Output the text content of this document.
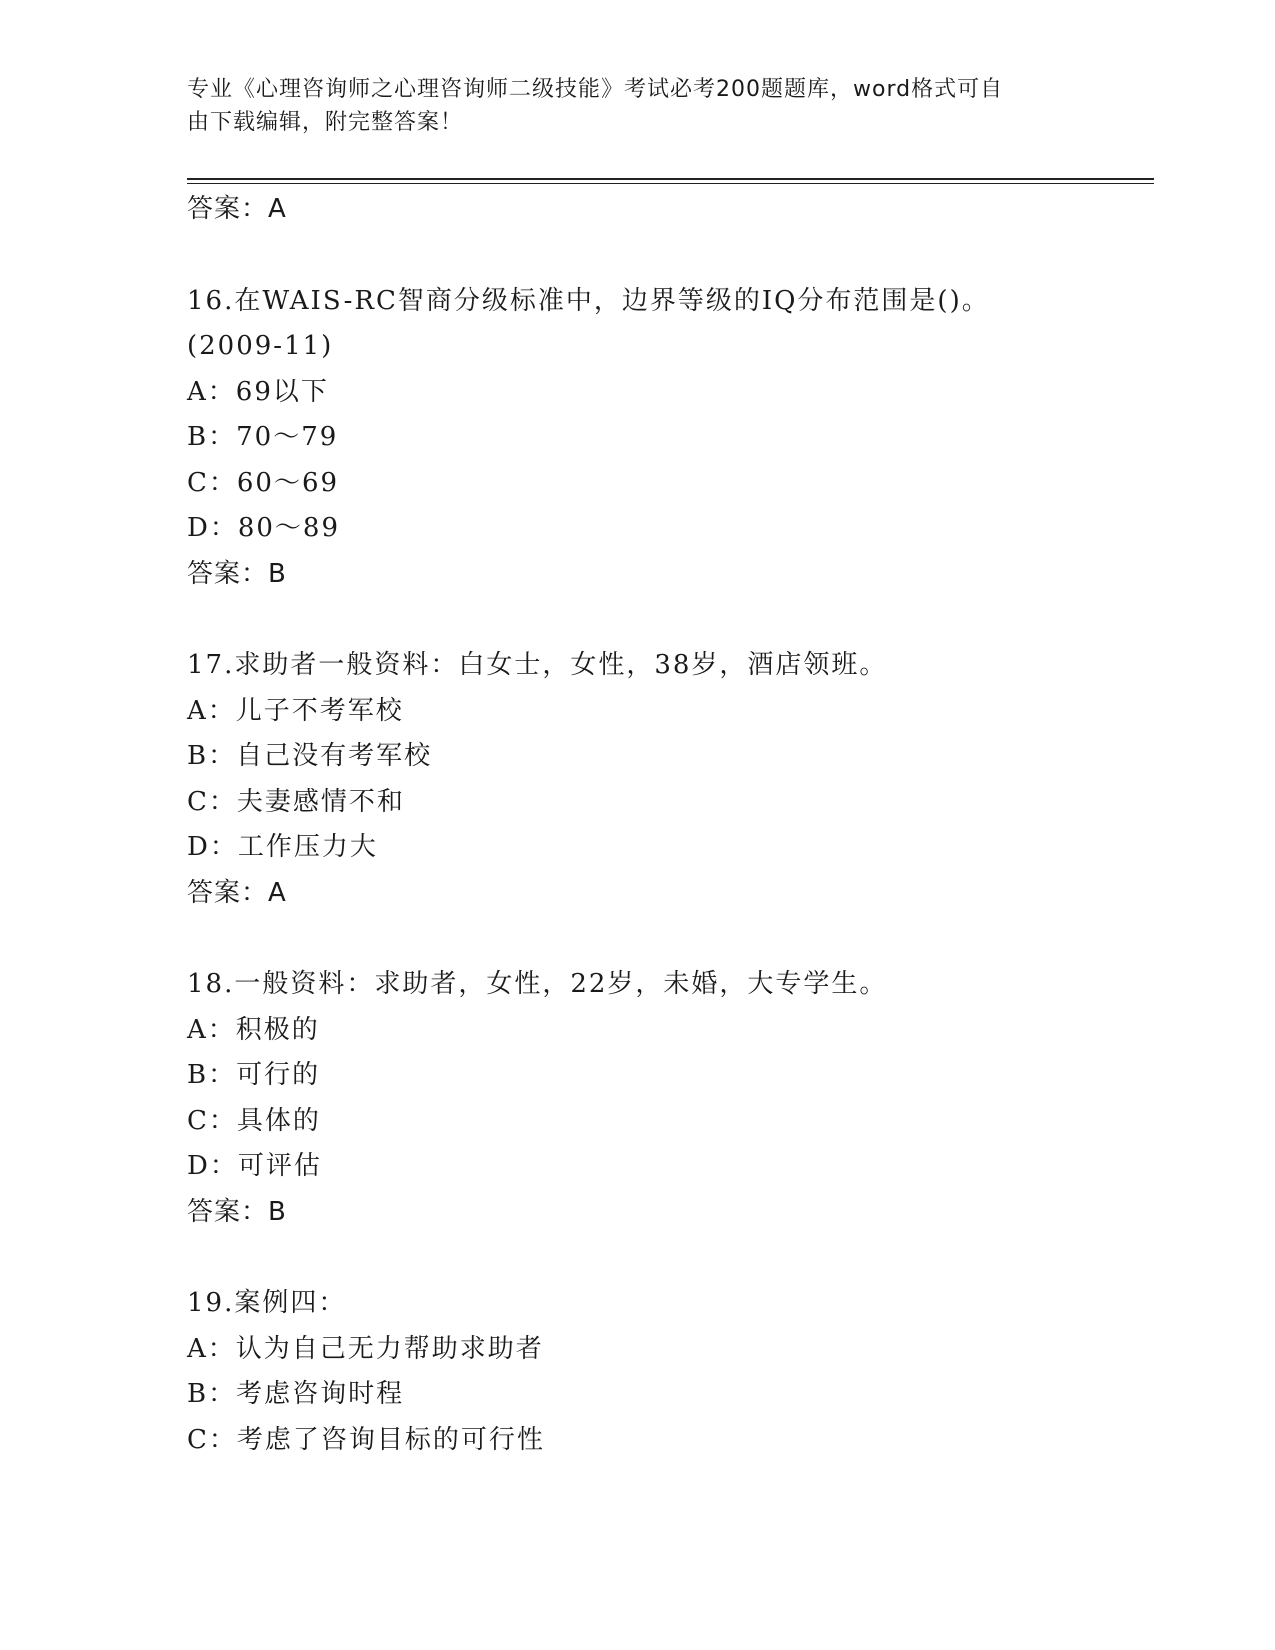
专业《心理咨询师之心理咨询师二级技能》考试必考200题题库，word格式可自
由下载编辑，附完整答案！
答案：A
16.在WAIS-RC智商分级标准中，边界等级的IQ分布范围是()。
(2009-11)
A：69以下
B：70～79
C：60～69
D：80～89
答案：B
17.求助者一般资料：白女士，女性，38岁，酒店领班。
A：儿子不考军校
B：自己没有考军校
C：夫妻感情不和
D：工作压力大
答案：A
18.一般资料：求助者，女性，22岁，未婚，大专学生。
A：积极的
B：可行的
C：具体的
D：可评估
答案：B
19.案例四：
A：认为自己无力帮助求助者
B：考虑咨询时程
C：考虑了咨询目标的可行性
